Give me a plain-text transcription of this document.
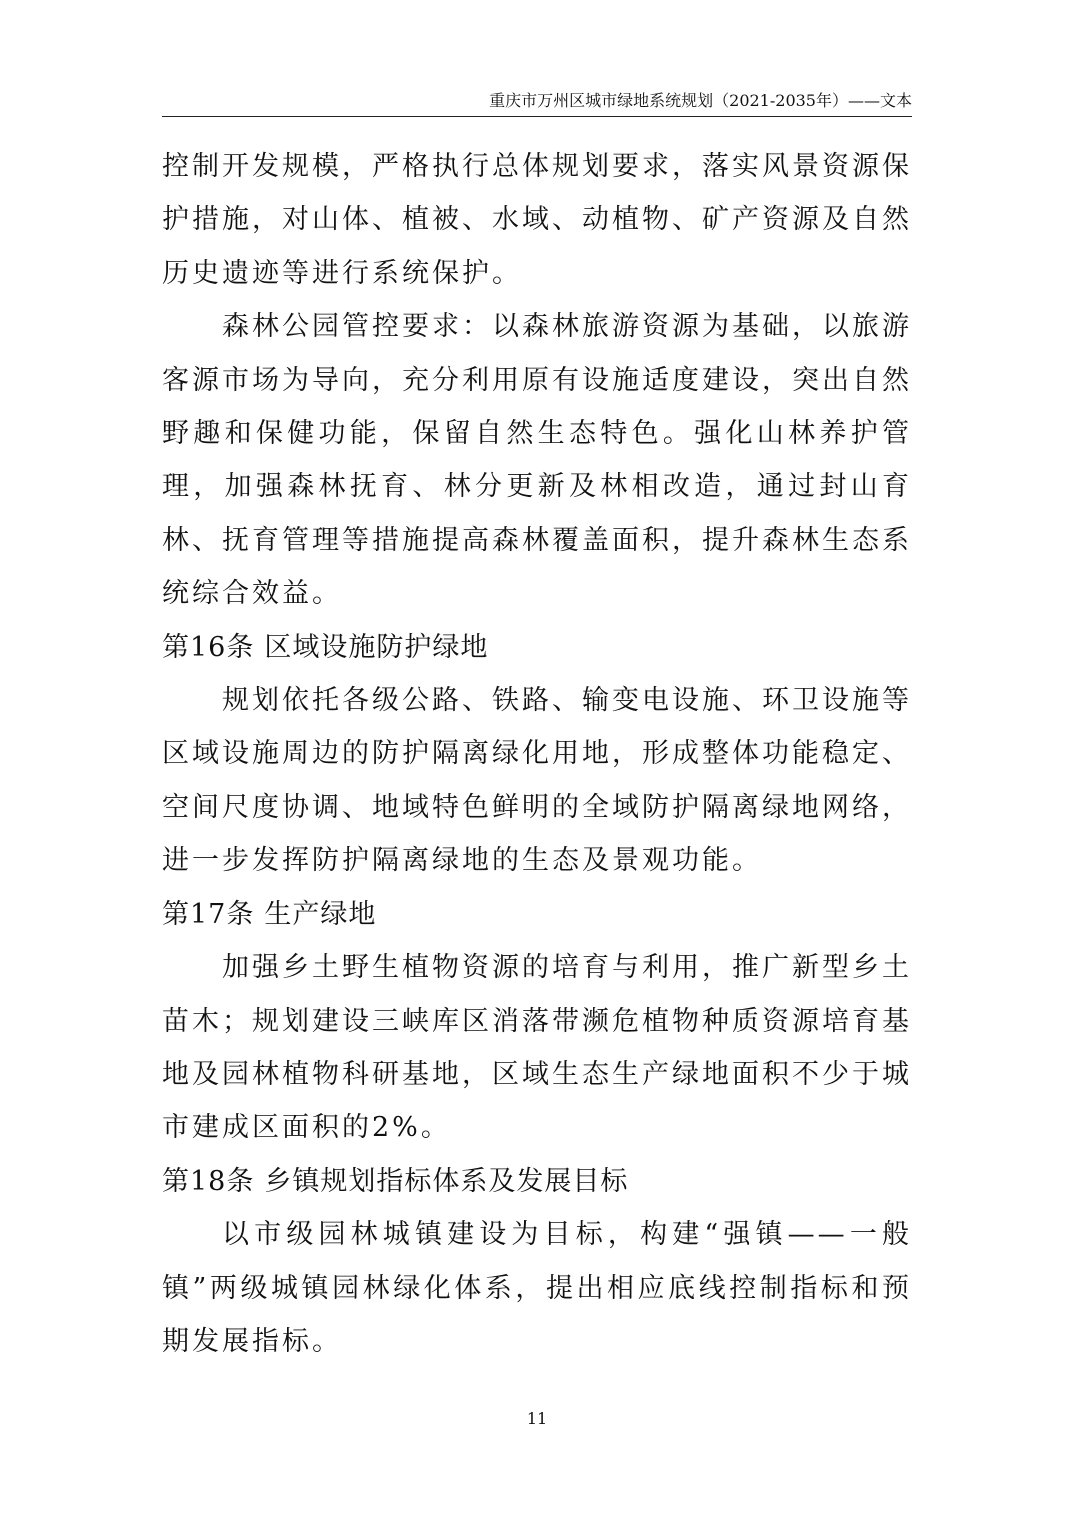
重庆市万州区城市绿地系统规划（2021-2035年）——文本

控制开发规模，严格执行总体规划要求，落实风景资源保护措施，对山体、植被、水域、动植物、矿产资源及自然历史遗迹等进行系统保护。

森林公园管控要求：以森林旅游资源为基础，以旅游客源市场为导向，充分利用原有设施适度建设，突出自然野趣和保健功能，保留自然生态特色。强化山林养护管理，加强森林抚育、林分更新及林相改造，通过封山育林、抚育管理等措施提高森林覆盖面积，提升森林生态系统综合效益。

第16条 区域设施防护绿地

规划依托各级公路、铁路、输变电设施、环卫设施等区域设施周边的防护隔离绿化用地，形成整体功能稳定、空间尺度协调、地域特色鲜明的全域防护隔离绿地网络，进一步发挥防护隔离绿地的生态及景观功能。

第17条 生产绿地

加强乡土野生植物资源的培育与利用，推广新型乡土苗木；规划建设三峡库区消落带濒危植物种质资源培育基地及园林植物科研基地，区域生态生产绿地面积不少于城市建成区面积的2%。

第18条 乡镇规划指标体系及发展目标

以市级园林城镇建设为目标，构建“强镇——一般镇”两级城镇园林绿化体系，提出相应底线控制指标和预期发展指标。

11
